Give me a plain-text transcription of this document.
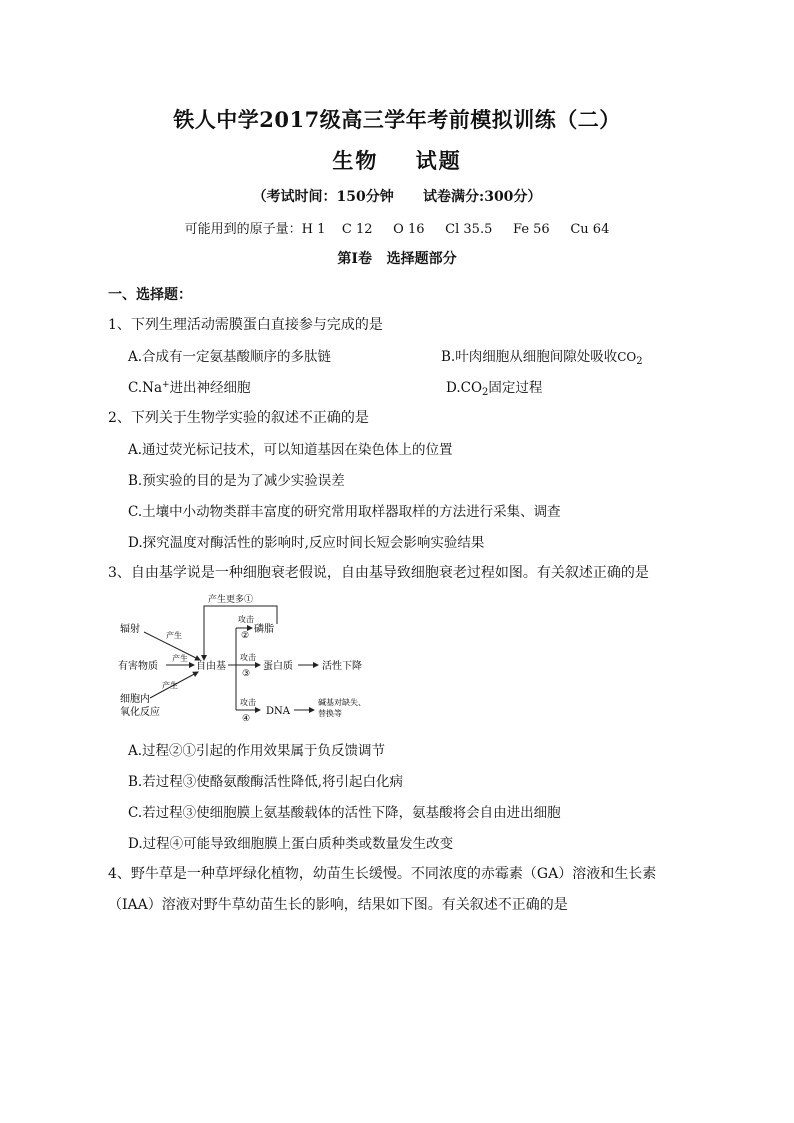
铁人中学2017级高三学年考前模拟训练（二）
生物    试题
（考试时间：150分钟      试卷满分:300分）
可能用到的原子量：H 1    C 12     O 16     Cl 35.5     Fe 56     Cu 64
第Ⅰ卷   选择题部分
一、选择题：
1、下列生理活动需膜蛋白直接参与完成的是
A.合成有一定氨基酸顺序的多肽链	B.叶肉细胞从细胞间隙处吸收$CO_2$
C.Na+进出神经细胞	$D.CO_2$固定过程
2、下列关于生物学实验的叙述不正确的是
A.通过荧光标记技术，可以知道基因在染色体上的位置
B.预实验的目的是为了减少实验误差
C.土壤中小动物类群丰富度的研究常用取样器取样的方法进行采集、调查
D.探究温度对酶活性的影响时,反应时间长短会影响实验结果
3、自由基学说是一种细胞衰老假说，自由基导致细胞衰老过程如图。有关叙述正确的是
产生更多①
辐射
产生
有害物质
产生
细胞内
氧化反应
产生
自由基
攻击
②
磷脂
攻击
③
蛋白质	活性下降
攻击
④
DNA
碱基对缺失、
替换等
A.过程②①引起的作用效果属于负反馈调节
B.若过程③使酪氨酸酶活性降低,将引起白化病
C.若过程③使细胞膜上氨基酸载体的活性下降，氨基酸将会自由进出细胞
D.过程④可能导致细胞膜上蛋白质种类或数量发生改变
4、野牛草是一种草坪绿化植物，幼苗生长缓慢。不同浓度的赤霉素（GA）溶液和生长素
（IAA）溶液对野牛草幼苗生长的影响，结果如下图。有关叙述不正确的是
